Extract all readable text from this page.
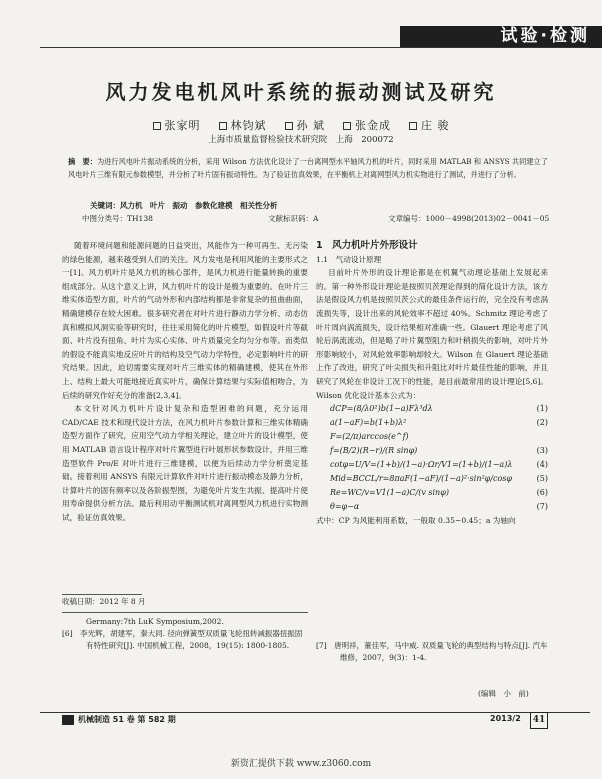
试验·检测
风力发电机风叶系统的振动测试及研究
张家明	林钧斌	孙 斌	张金成	庄 骏
上海市质量监督检验技术研究院　上海　200072
摘　要：为进行风电叶片振动系统的分析，采用 Wilson 方法优化设计了一台离网型水平轴风力机的叶片，同时采用 MATLAB 和 ANSYS 共同建立了风电叶片三维有限元参数模型，并分析了叶片固有振动特性。为了验证仿真效果，在平衡机上对离网型风力机实物进行了测试，并进行了分析。
关键词：风力机　叶片　振动　参数化建模　相关性分析
中图分类号：TH138	文献标识码：A	文章编号：1000－4998(2013)02－0041－05

随着环境问题和能源问题的日益突出，风能作为一种可再生、无污染的绿色能源，越来越受到人们的关注。风力发电是利用风能的主要形式之一[1]。风力机叶片是风力机的核心部件，是风力机进行能量转换的重要组成部分。从这个意义上讲，风力机叶片的设计是极为重要的。在叶片三维实体造型方面，叶片的气动外形和内部结构都是非常复杂的扭曲曲面，精确建模存在较大困难。很多研究者在对叶片进行静动力学分析、动态仿真和模拟风洞实验等研究时，往往采用简化的叶片模型，如假设叶片等截面、叶片没有扭角、叶片为实心实体、叶片质量完全均匀分布等。而类似的假设不能真实地反应叶片的结构及空气动力学特性，必定影响叶片的研究结果。因此，迫切需要实现对叶片三维实体的精确建模，使其在外形上、结构上最大可能地接近真实叶片，确保计算结果与实际值相吻合，为后续的研究作好充分的准备[2,3,4]。

本文针对风力机叶片设计复杂和造型困难的问题，充分运用 CAD/CAE 技术和现代设计方法，在风力机叶片参数计算和三维实体精确造型方面作了研究，应用空气动力学相关理论，建立叶片的设计模型，使用 MATLAB 语言设计程序对叶片翼型进行叶展形状参数设计，并用三维造型软件 Pro/E 对叶片进行三维建模，以便为后续动力学分析奠定基础。接着利用 ANSYS 有限元计算软件对叶片进行振动模态及静力分析，计算叶片的固有频率以及各阶振型图，为避免叶片发生共振、提高叶片使用寿命提供分析方法。最后利用动平衡测试机对离网型风力机进行实物测试，验证仿真效果。

收稿日期：2012 年 8 月
Germany:7th LuK Symposium,2002.
[6]　李光辉，胡建军，秦大同. 径向弹簧型双质量飞轮扭转减振器扭振固有特性研究[J]. 中国机械工程，2008，19(15): 1800-1805.

1　风力机叶片外形设计

1.1　气动设计原理

目前叶片外形的设计理论都是在机翼气动理论基础上发展起来的。第一种外形设计理论是按照贝茨理论得到的简化设计方法，该方法是假设风力机是按照贝茨公式的最佳条件运行的，完全没有考虑涡流损失等，设计出来的风轮效率不超过 40%。Schmitz 理论考虑了叶片周向涡流损失，设计结果相对准确一些。Glauert 理论考虑了风轮后涡流流动，但是略了叶片翼型阻力和叶稍损失的影响，对叶片外形影响较小，对风轮效率影响却较大。Wilson 在 Glauert 理论基础上作了改进，研究了叶尖损失和升阻比对叶片最佳性能的影响，并且研究了风轮在非设计工况下的性能，是目前最常用的设计理论[5,6]。Wilson 优化设计基本公式为：

dCP=(8/λ0²)b(1−a)Fλ³dλ	(1)
a(1−aF)=b(1+b)λ²	(2)
F=(2/π)arccos(e^f)
f=(B/2)(R−r)/(R sinφ)	(3)
cotφ=U/V=(1+b)/(1−a)·Ωr/V1=(1+b)/(1−a)λ	(4)
Mid=BCCL/r=8πaF(1−aF)/(1−a)²·sin²φ/cosφ	(5)
Re=WC/v=V1(1−a)C/(v sinφ)	(6)
θ=φ−α	(7)

式中：CP 为风能利用系数，一般取 0.35~0.45；a 为轴向

[7]　唐明祥，董佳军，马中威. 双质量飞轮的典型结构与特点[J]. 汽车维修，2007，9(3)：1-4.
(编辑　小　前)
机械制造 51 卷 第 582 期	2013/2	41
新资汇提供下载 www.z3060.com
